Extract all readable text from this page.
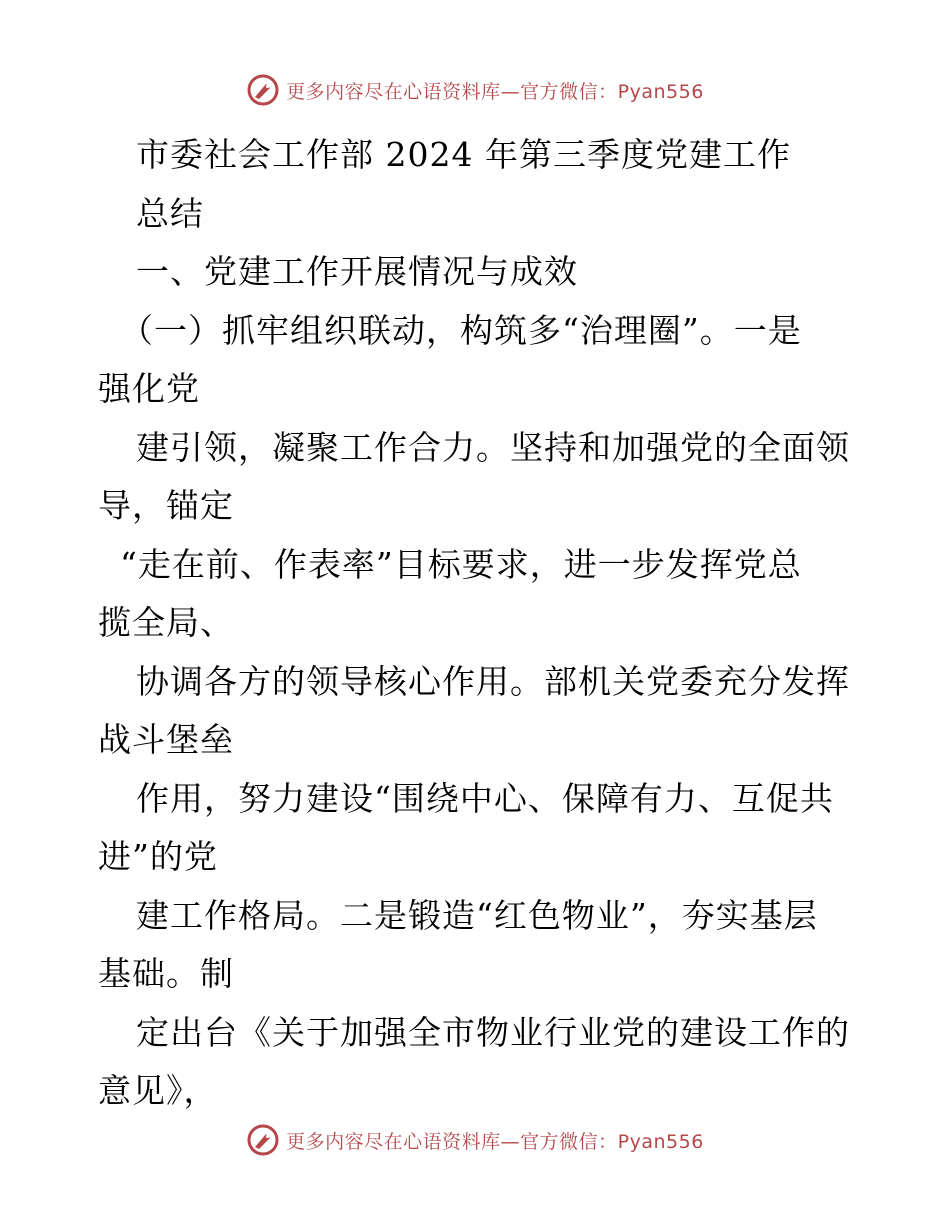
更多内容尽在心语资料库—官方微信：Pyan556
市委社会工作部 2024 年第三季度党建工作
总结
一、党建工作开展情况与成效
（一）抓牢组织联动，构筑多“治理圈”。一是
强化党
建引领，凝聚工作合力。坚持和加强党的全面领
导，锚定
“走在前、作表率”目标要求，进一步发挥党总
揽全局、
协调各方的领导核心作用。部机关党委充分发挥
战斗堡垒
作用，努力建设“围绕中心、保障有力、互促共
进”的党
建工作格局。二是锻造“红色物业”，夯实基层
基础。制
定出台《关于加强全市物业行业党的建设工作的
意见》，
更多内容尽在心语资料库—官方微信：Pyan556
